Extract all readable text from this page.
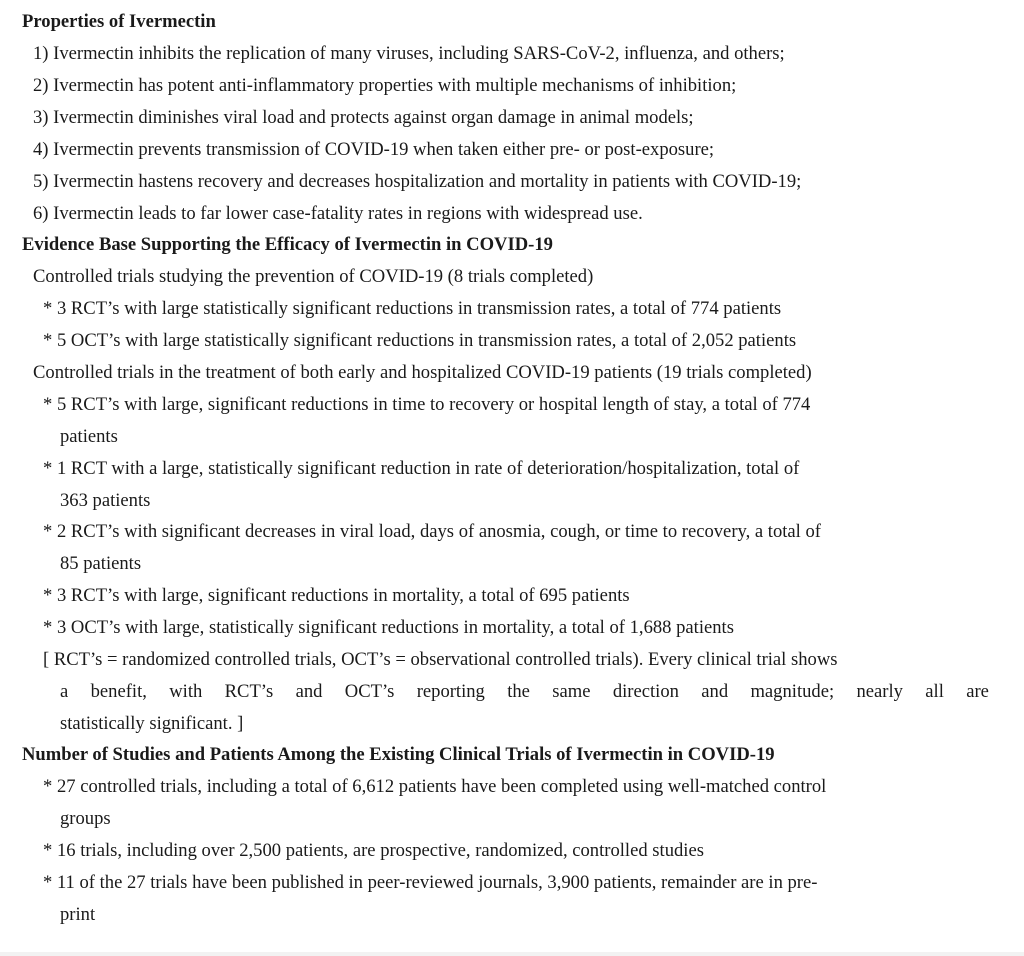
Properties of Ivermectin
1) Ivermectin inhibits the replication of many viruses, including SARS-CoV-2, influenza, and others;
2) Ivermectin has potent anti-inflammatory properties with multiple mechanisms of inhibition;
3) Ivermectin diminishes viral load and protects against organ damage in animal models;
4) Ivermectin prevents transmission of COVID-19 when taken either pre- or post-exposure;
5) Ivermectin hastens recovery and decreases hospitalization and mortality in patients with COVID-19;
6) Ivermectin leads to far lower case-fatality rates in regions with widespread use.
Evidence Base Supporting the Efficacy of Ivermectin in COVID-19
Controlled trials studying the prevention of COVID-19 (8 trials completed)
* 3 RCT’s with large statistically significant reductions in transmission rates, a total of 774 patients
* 5 OCT’s with large statistically significant reductions in transmission rates, a total of 2,052 patients
Controlled trials in the treatment of both early and hospitalized COVID-19 patients (19 trials completed)
* 5 RCT’s with large, significant reductions in time to recovery or hospital length of stay, a total of 774
patients
* 1 RCT with a large, statistically significant reduction in rate of deterioration/hospitalization, total of
363 patients
* 2 RCT’s with significant decreases in viral load, days of anosmia, cough, or time to recovery, a total of
85 patients
* 3 RCT’s with large, significant reductions in mortality, a total of 695 patients
* 3 OCT’s with large, statistically significant reductions in mortality, a total of 1,688 patients
[ RCT’s = randomized controlled trials, OCT’s = observational controlled trials). Every clinical trial shows
a benefit, with RCT’s and OCT’s reporting the same direction and magnitude; nearly all are
statistically significant. ]
Number of Studies and Patients Among the Existing Clinical Trials of Ivermectin in COVID-19
* 27 controlled trials, including a total of 6,612 patients have been completed using well-matched control
groups
* 16 trials, including over 2,500 patients, are prospective, randomized, controlled studies
* 11 of the 27 trials have been published in peer-reviewed journals, 3,900 patients, remainder are in pre-
print
